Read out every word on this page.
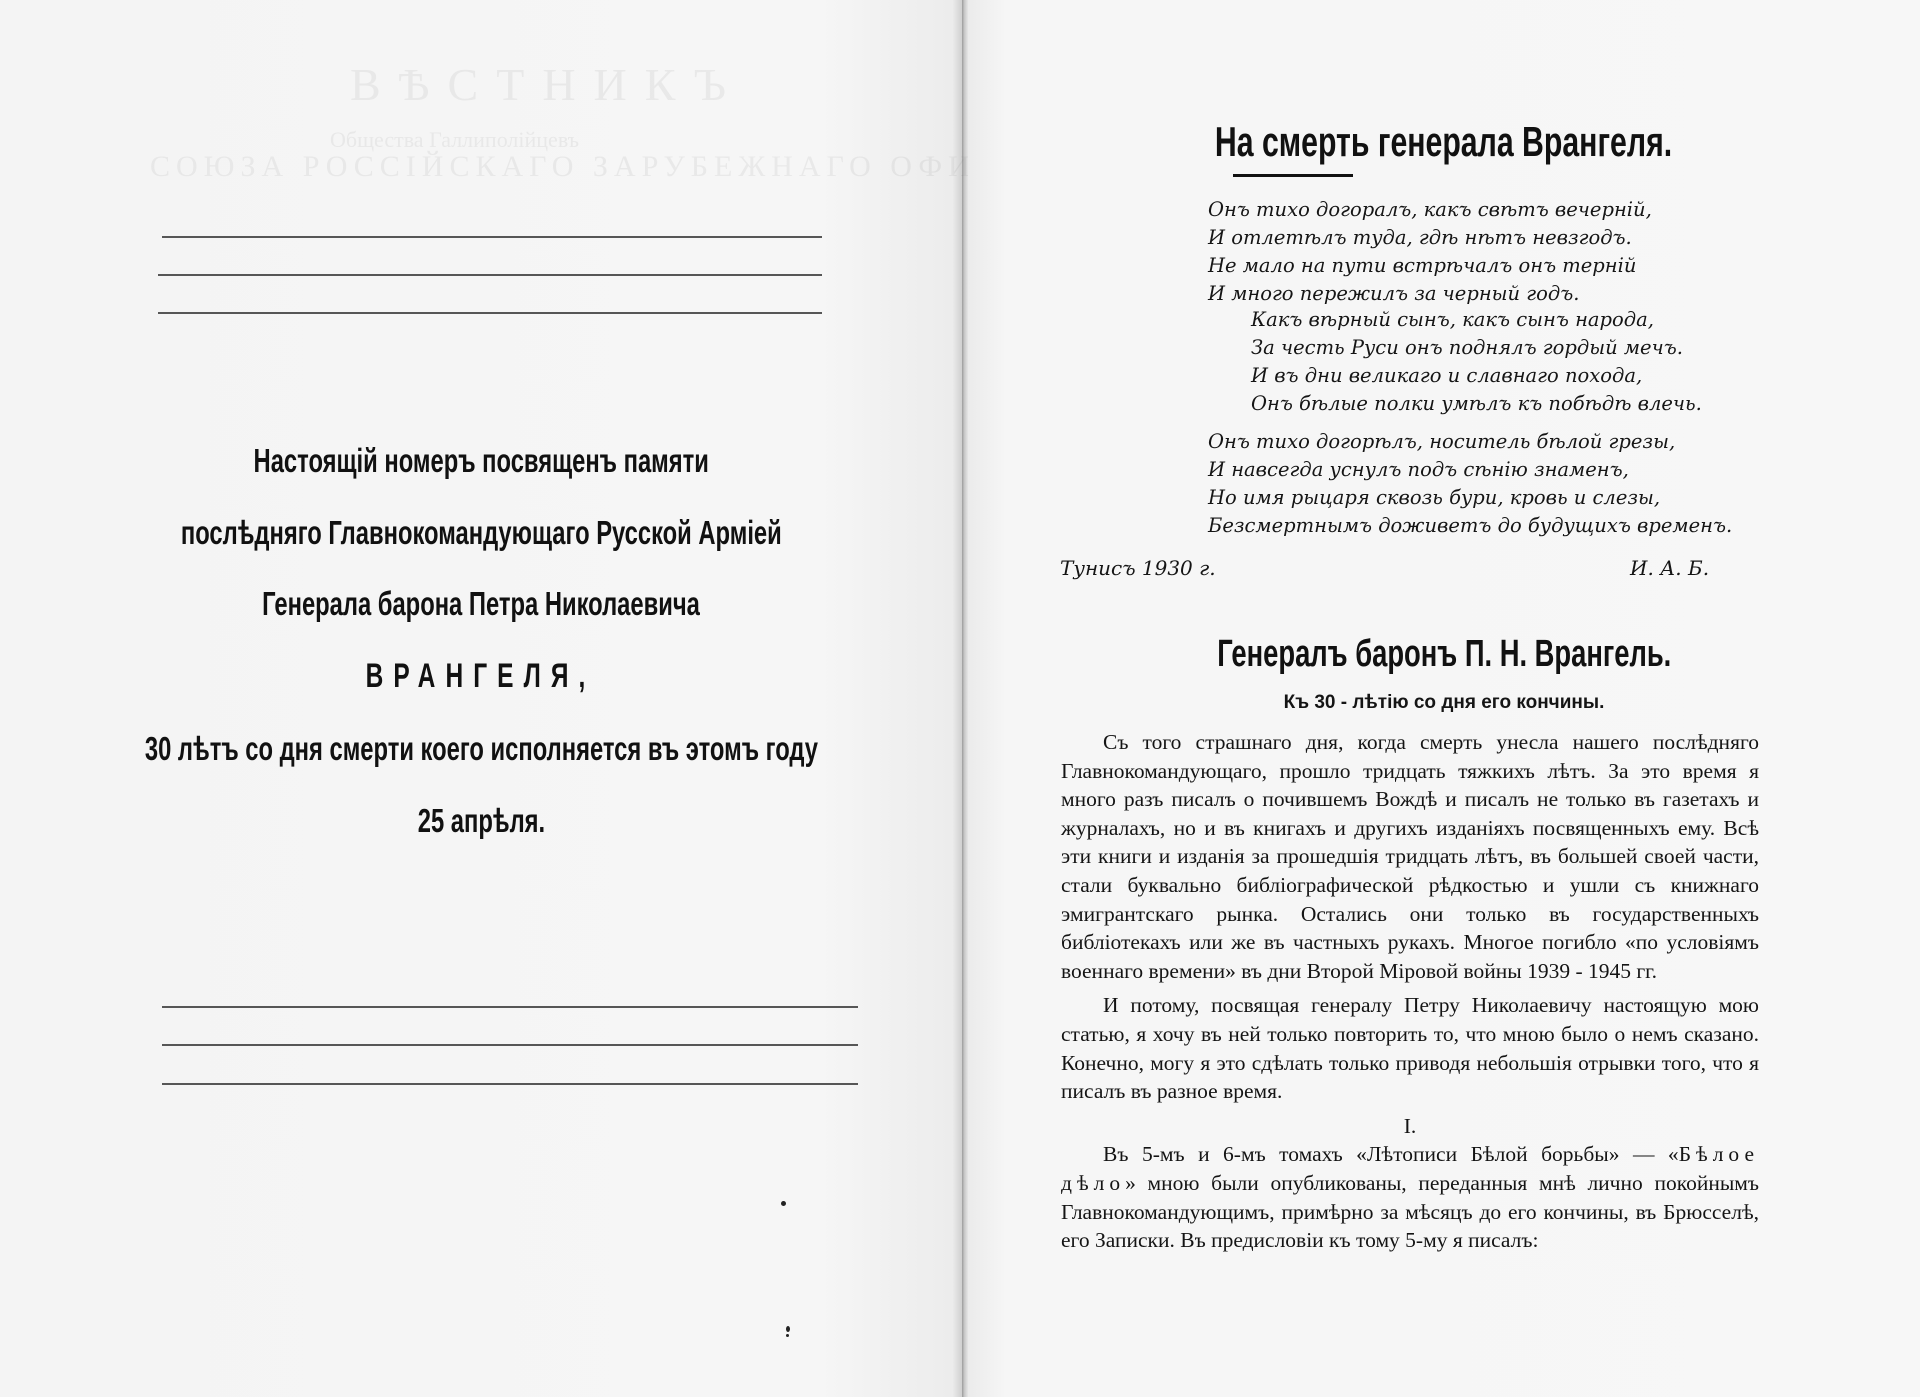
ВѢСТНИКЪ
Общества Галлиполійцевъ
СОЮЗА РОССІЙСКАГО ЗАРУБЕЖНАГО ОФИЦЕРСТВА
Настоящій номеръ посвященъ памяти
послѣдняго Главнокомандующаго Русской Арміей
Генерала барона Петра Николаевича
ВРАНГЕЛЯ,
30 лѣтъ со дня смерти коего исполняется въ этомъ году
25 апрѣля.
На смерть генерала Врангеля.
Онъ тихо догоралъ, какъ свѣтъ вечерній,
И отлетѣлъ туда, гдѣ нѣтъ невзгодъ.
Не мало на пути встрѣчалъ онъ терній
И много пережилъ за черный годъ.
Какъ вѣрный сынъ, какъ сынъ народа,
За честь Руси онъ поднялъ гордый мечъ.
И въ дни великаго и славнаго похода,
Онъ бѣлые полки умѣлъ къ побѣдѣ влечь.
Онъ тихо догорѣлъ, носитель бѣлой грезы,
И навсегда уснулъ подъ сѣнію знаменъ,
Но имя рыцаря сквозь бури, кровь и слезы,
Безсмертнымъ доживетъ до будущихъ временъ.
Тунисъ 1930 г.	И. А. Б.
Генералъ баронъ П. Н. Врангель.
Къ 30 - лѣтію со дня его кончины.

Съ того страшнаго дня, когда смерть унесла нашего послѣдняго Главнокомандующаго, прошло тридцать тяжкихъ лѣтъ. За это время я много разъ писалъ о почившемъ Вождѣ и писалъ не только въ газетахъ и журналахъ, но и въ книгахъ и другихъ изданіяхъ посвященныхъ ему. Всѣ эти книги и изданія за прошедшія тридцать лѣтъ, въ большей своей части, стали буквально библіографической рѣдкостью и ушли съ книжнаго эмигрантскаго рынка. Остались они только въ государственныхъ библіотекахъ или же въ частныхъ рукахъ. Многое погибло «по условіямъ военнаго времени» въ дни Второй Міровой войны 1939 - 1945 гг.

И потому, посвящая генералу Петру Николаевичу настоящую мою статью, я хочу въ ней только повторить то, что мною было о немъ сказано. Конечно, могу я это сдѣлать только приводя небольшія отрывки того, что я писалъ въ разное время.

I.

Въ 5-мъ и 6-мъ томахъ «Лѣтописи Бѣлой борьбы» — «Бѣлое дѣло» мною были опубликованы, переданныя мнѣ лично покойнымъ Главнокомандующимъ, примѣрно за мѣсяцъ до его кончины, въ Брюсселѣ, его Записки. Въ предисловіи къ тому 5-му я писалъ:
